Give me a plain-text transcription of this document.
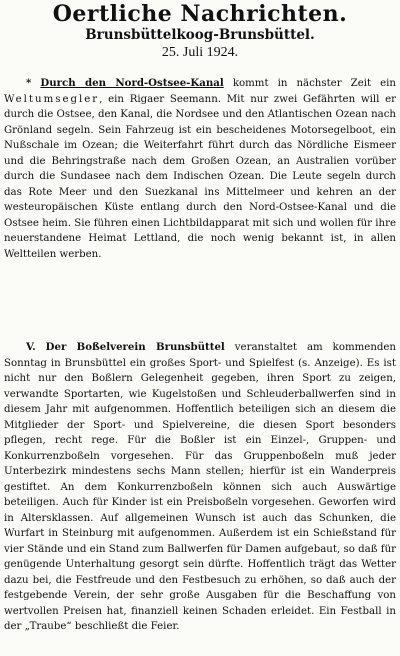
Oertliche Nachrichten.
Brunsbüttelkoog-Brunsbüttel.
25. Juli 1924.

* Durch den Nord-Ostsee-Kanal kommt in nächster Zeit ein Weltumsegler, ein Rigaer Seemann. Mit nur zwei Gefährten will er durch die Ostsee, den Kanal, die Nordsee und den Atlantischen Ozean nach Grönland segeln. Sein Fahrzeug ist ein bescheidenes Motorsegelboot, ein Nußschale im Ozean; die Weiterfahrt führt durch das Nördliche Eismeer und die Behringstraße nach dem Großen Ozean, an Australien vorüber durch die Sundasee nach dem Indischen Ozean. Die Leute segeln durch das Rote Meer und den Suezkanal ins Mittelmeer und kehren an der westeuropäischen Küste entlang durch den Nord-Ostsee-Kanal und die Ostsee heim. Sie führen einen Lichtbildapparat mit sich und wollen für ihre neuerstandene Heimat Lettland, die noch wenig bekannt ist, in allen Weltteilen werben.

V. Der Boßelverein Brunsbüttel veranstaltet am kommenden Sonntag in Brunsbüttel ein großes Sport- und Spielfest (s. Anzeige). Es ist nicht nur den Boßlern Gelegenheit gegeben, ihren Sport zu zeigen, verwandte Sportarten, wie Kugelstoßen und Schleuderballwerfen sind in diesem Jahr mit aufgenommen. Hoffentlich beteiligen sich an diesem die Mitglieder der Sport- und Spielvereine, die diesen Sport besonders pflegen, recht rege. Für die Boßler ist ein Einzel-, Gruppen- und Konkurrenzboßeln vorgesehen. Für das Gruppenboßeln muß jeder Unterbezirk mindestens sechs Mann stellen; hierfür ist ein Wanderpreis gestiftet. An dem Konkurrenzboßeln können sich auch Auswärtige beteiligen. Auch für Kinder ist ein Preisboßeln vorgesehen. Geworfen wird in Altersklassen. Auf allgemeinen Wunsch ist auch das Schunken, die Wurfart in Steinburg mit aufgenommen. Außerdem ist ein Schießstand für vier Stände und ein Stand zum Ballwerfen für Damen aufgebaut, so daß für genügende Unterhaltung gesorgt sein dürfte. Hoffentlich trägt das Wetter dazu bei, die Festfreude und den Festbesuch zu erhöhen, so daß auch der festgebende Verein, der sehr große Ausgaben für die Beschaffung von wertvollen Preisen hat, finanziell keinen Schaden erleidet. Ein Festball in der „Traube“ beschließt die Feier.
